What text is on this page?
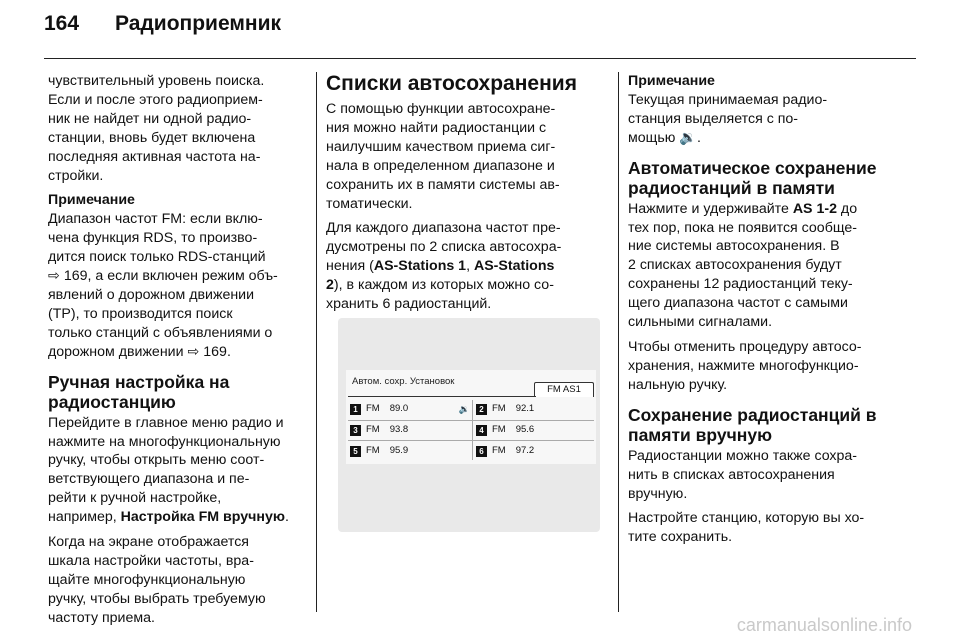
164 Радиоприемник

чувствительный уровень поиска.
Если и после этого радиоприем-
ник не найдет ни одной радио-
станции, вновь будет включена
последняя активная частота на-
стройки.

Примечание
Диапазон частот FM: если вклю-
чена функция RDS, то произво-
дится поиск только RDS-станций
⇨ 169, а если включен режим объ-
явлений о дорожном движении
(TP), то производится поиск
только станций с объявлениями о
дорожном движении ⇨ 169.

Ручная настройка на
радиостанцию

Перейдите в главное меню радио и
нажмите на многофункциональную
ручку, чтобы открыть меню соот-
ветствующего диапазона и пе-
рейти к ручной настройке,
например, Настройка FM вручную.

Когда на экране отображается
шкала настройки частоты, вра-
щайте многофункциональную
ручку, чтобы выбрать требуемую
частоту приема.

Списки автосохранения

С помощью функции автосохране-
ния можно найти радиостанции с
наилучшим качеством приема сиг-
нала в определенном диапазоне и
сохранить их в памяти системы ав-
томатически.

Для каждого диапазона частот пре-
дусмотрены по 2 списка автосохра-
нения (AS-Stations 1, AS-Stations
2), в каждом из которых можно со-
хранить 6 радиостанций.

Автом. сохр. Установок
FM AS1
1 FM 89.0	🔉	2 FM 92.1
3 FM 93.8	4 FM 95.6
5 FM 95.9	6 FM 97.2

Примечание
Текущая принимаемая радио-
станция выделяется с по-
мощью 🔉.

Автоматическое сохранение
радиостанций в памяти

Нажмите и удерживайте AS 1-2 до
тех пор, пока не появится сообще-
ние системы автосохранения. В
2 списках автосохранения будут
сохранены 12 радиостанций теку-
щего диапазона частот с самыми
сильными сигналами.

Чтобы отменить процедуру автосо-
хранения, нажмите многофункцио-
нальную ручку.

Сохранение радиостанций в
памяти вручную

Радиостанции можно также сохра-
нить в списках автосохранения
вручную.

Настройте станцию, которую вы хо-
тите сохранить.

carmanualsonline.info
